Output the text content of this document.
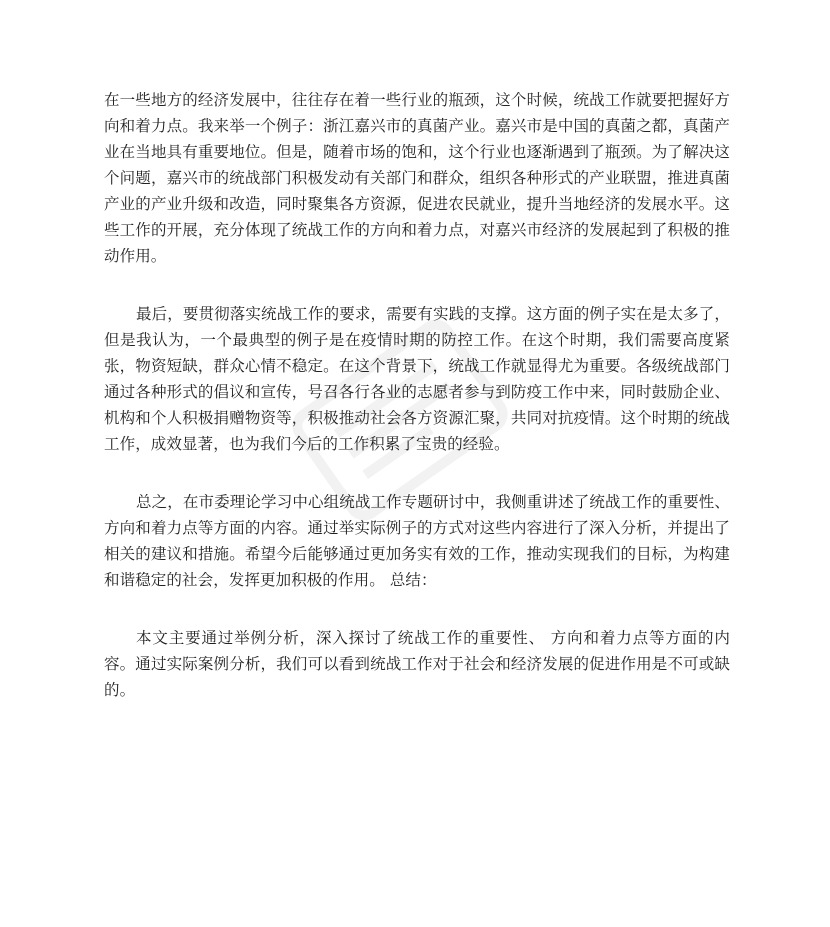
在一些地方的经济发展中，往往存在着一些行业的瓶颈，这个时候，统战工作就要把握好方向和着力点。我来举一个例子：浙江嘉兴市的真菌产业。嘉兴市是中国的真菌之都，真菌产业在当地具有重要地位。但是，随着市场的饱和，这个行业也逐渐遇到了瓶颈。为了解决这个问题，嘉兴市的统战部门积极发动有关部门和群众，组织各种形式的产业联盟，推进真菌产业的产业升级和改造，同时聚集各方资源，促进农民就业，提升当地经济的发展水平。这些工作的开展，充分体现了统战工作的方向和着力点，对嘉兴市经济的发展起到了积极的推动作用。

最后，要贯彻落实统战工作的要求，需要有实践的支撑。这方面的例子实在是太多了，但是我认为，一个最典型的例子是在疫情时期的防控工作。在这个时期，我们需要高度紧张，物资短缺，群众心情不稳定。在这个背景下，统战工作就显得尤为重要。各级统战部门通过各种形式的倡议和宣传，号召各行各业的志愿者参与到防疫工作中来，同时鼓励企业、机构和个人积极捐赠物资等，积极推动社会各方资源汇聚，共同对抗疫情。这个时期的统战工作，成效显著，也为我们今后的工作积累了宝贵的经验。

总之，在市委理论学习中心组统战工作专题研讨中，我侧重讲述了统战工作的重要性、方向和着力点等方面的内容。通过举实际例子的方式对这些内容进行了深入分析，并提出了相关的建议和措施。希望今后能够通过更加务实有效的工作，推动实现我们的目标，为构建和谐稳定的社会，发挥更加积极的作用。 总结：

本文主要通过举例分析，深入探讨了统战工作的重要性、 方向和着力点等方面的内容。通过实际案例分析，我们可以看到统战工作对于社会和经济发展的促进作用是不可或缺的。
